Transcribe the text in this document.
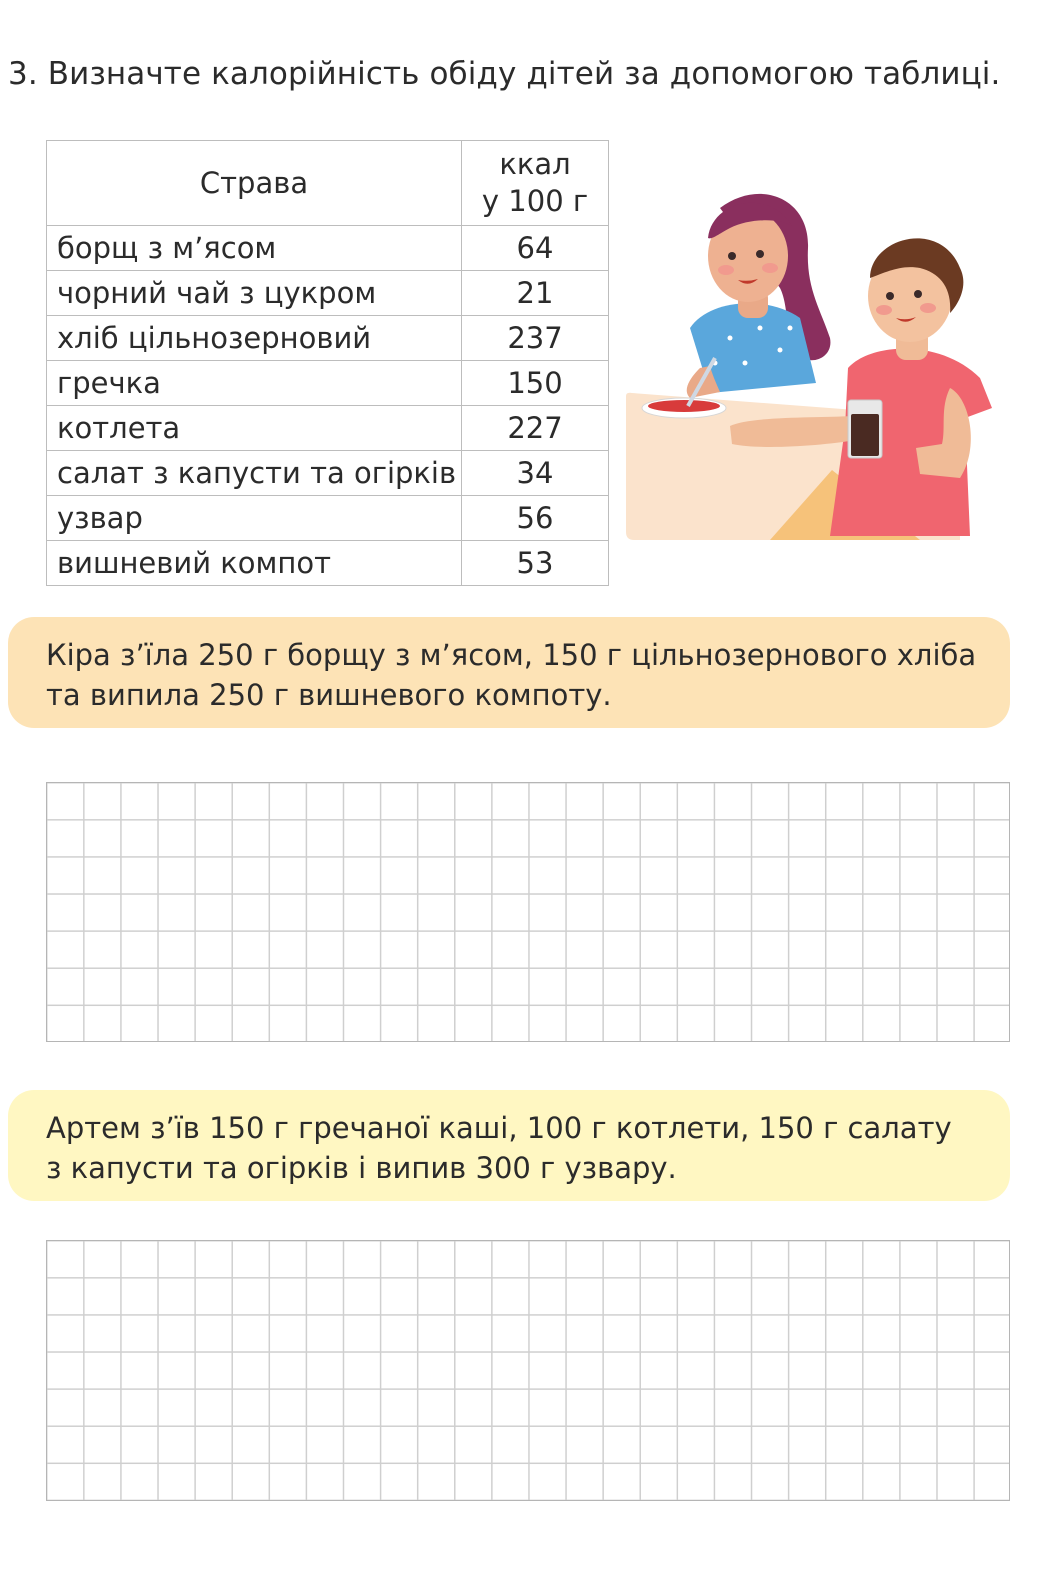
3. Визначте калорійність обіду дітей за допомогою таблиці.
Страва	ккал
у 100 г

борщ з м’ясом	64
чорний чай з цукром	21
хліб цільнозерновий	237
гречка	150
котлета	227
салат з капусти та огірків	34
узвар	56
вишневий компот	53
Кіра з’їла 250 г борщу з м’ясом, 150 г цільнозернового хліба
та випила 250 г вишневого компоту.
Артем з’їв 150 г гречаної каші, 100 г котлети, 150 г салату
з капусти та огірків і випив 300 г узвару.
